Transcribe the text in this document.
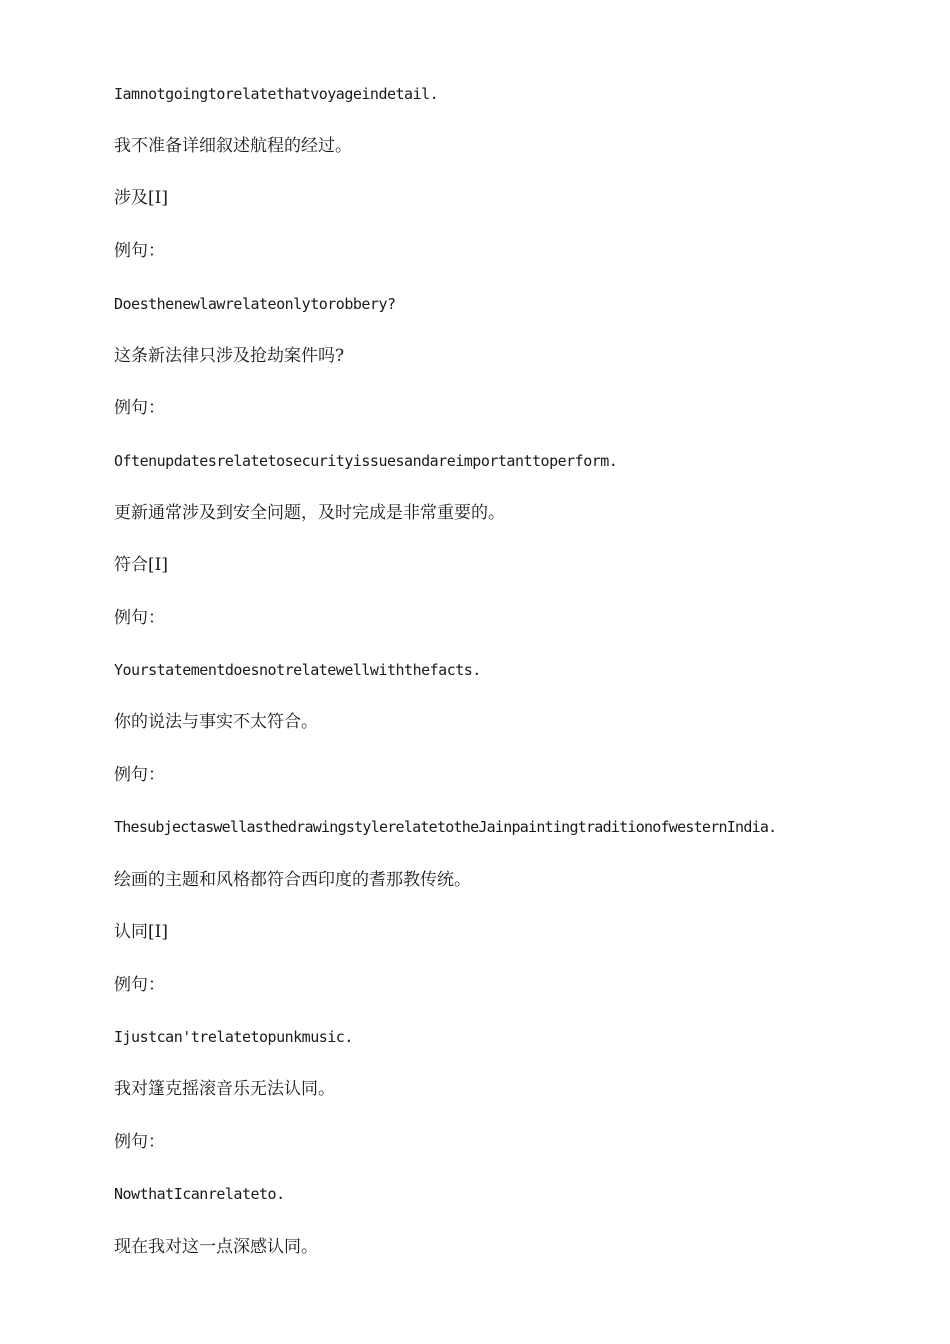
Iamnotgoingtorelatethatvoyageindetail.
我不准备详细叙述航程的经过。
涉及[I]
例句：
Doesthenewlawrelateonlytorobbery?
这条新法律只涉及抢劫案件吗?
例句：
Oftenupdatesrelatetosecurityissuesandareimportanttoperform.
更新通常涉及到安全问题，及时完成是非常重要的。
符合[I]
例句：
Yourstatementdoesnotrelatewellwiththefacts.
你的说法与事实不太符合。
例句：
ThesubjectaswellasthedrawingstylerelatetotheJainpaintingtraditionofwesternIndia.
绘画的主题和风格都符合西印度的耆那教传统。
认同[I]
例句：
Ijustcan'trelatetopunkmusic.
我对篷克摇滚音乐无法认同。
例句：
NowthatIcanrelateto.
现在我对这一点深感认同。
